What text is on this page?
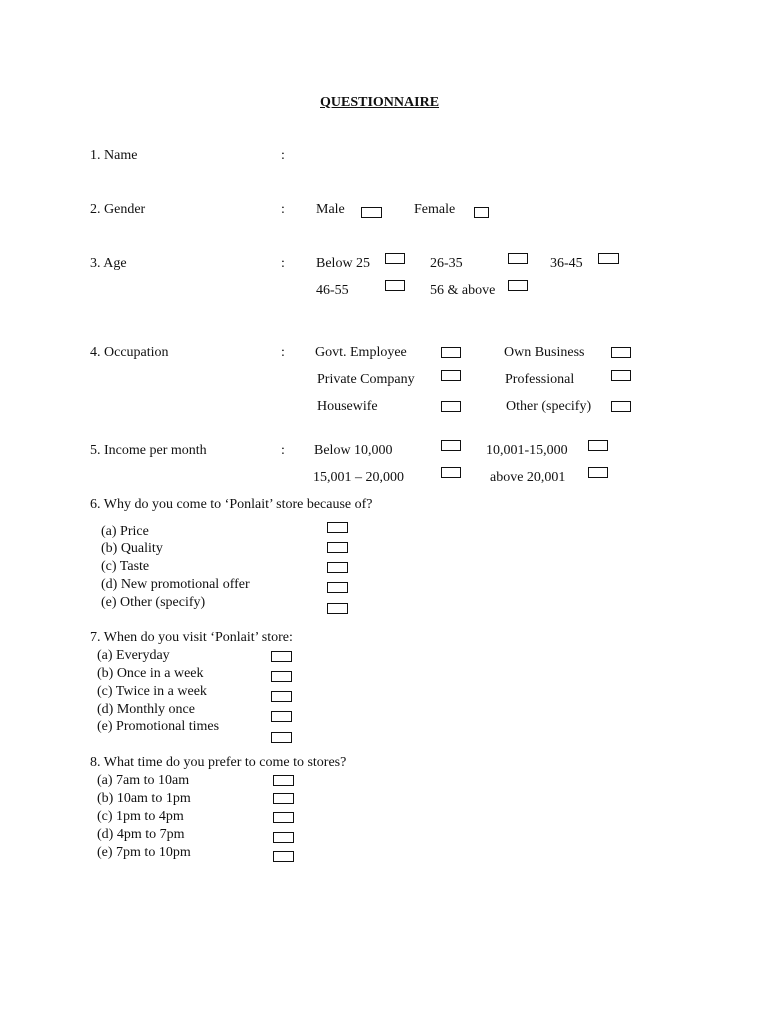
QUESTIONNAIRE
1. Name	:
2. Gender	: Male	Female
3. Age	: Below 25	26-35	36-45
46-55	56 & above
4. Occupation	: Govt. Employee	Own Business
Private Company	Professional
Housewife	Other (specify)
5. Income per month	: Below 10,000	10,001-15,000
15,001 – 20,000	above 20,001
6. Why do you come to ‘Ponlait’ store because of?
(a) Price
(b) Quality
(c) Taste
(d) New promotional offer
(e) Other (specify)
7. When do you visit ‘Ponlait’ store:
(a) Everyday
(b) Once in a week
(c) Twice in a week
(d) Monthly once
(e) Promotional times
8. What time do you prefer to come to stores?
(a) 7am to 10am
(b) 10am to 1pm
(c) 1pm to 4pm
(d) 4pm to 7pm
(e) 7pm to 10pm
